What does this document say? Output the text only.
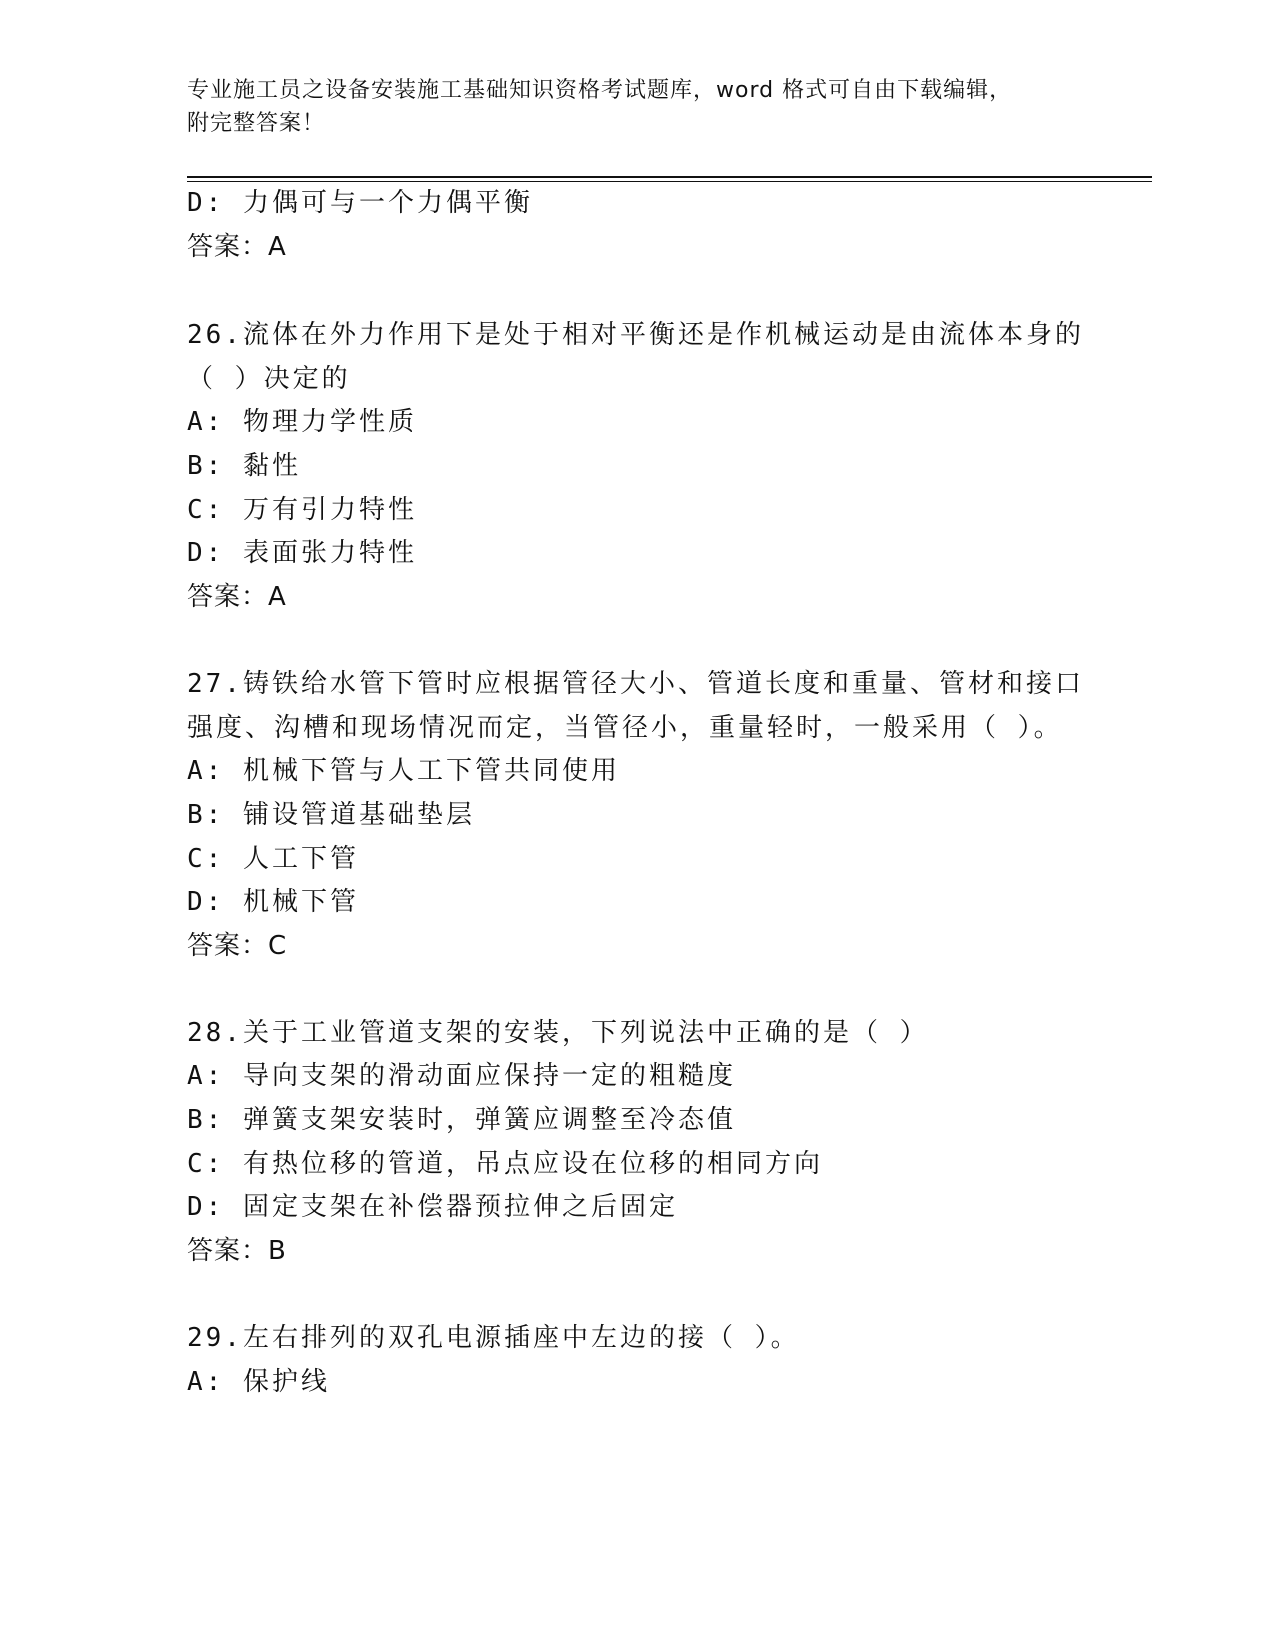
专业施工员之设备安装施工基础知识资格考试题库，word 格式可自由下载编辑，
附完整答案！
D: 力偶可与一个力偶平衡
答案：A
26.流体在外力作用下是处于相对平衡还是作机械运动是由流体本身的
（ ）决定的
A: 物理力学性质
B: 黏性
C: 万有引力特性
D: 表面张力特性
答案：A
27.铸铁给水管下管时应根据管径大小、管道长度和重量、管材和接口
强度、沟槽和现场情况而定，当管径小，重量轻时，一般采用（ ）。
A: 机械下管与人工下管共同使用
B: 铺设管道基础垫层
C: 人工下管
D: 机械下管
答案：C
28.关于工业管道支架的安装，下列说法中正确的是（ ）
A: 导向支架的滑动面应保持一定的粗糙度
B: 弹簧支架安装时，弹簧应调整至冷态值
C: 有热位移的管道，吊点应设在位移的相同方向
D: 固定支架在补偿器预拉伸之后固定
答案：B
29.左右排列的双孔电源插座中左边的接（ ）。
A: 保护线
